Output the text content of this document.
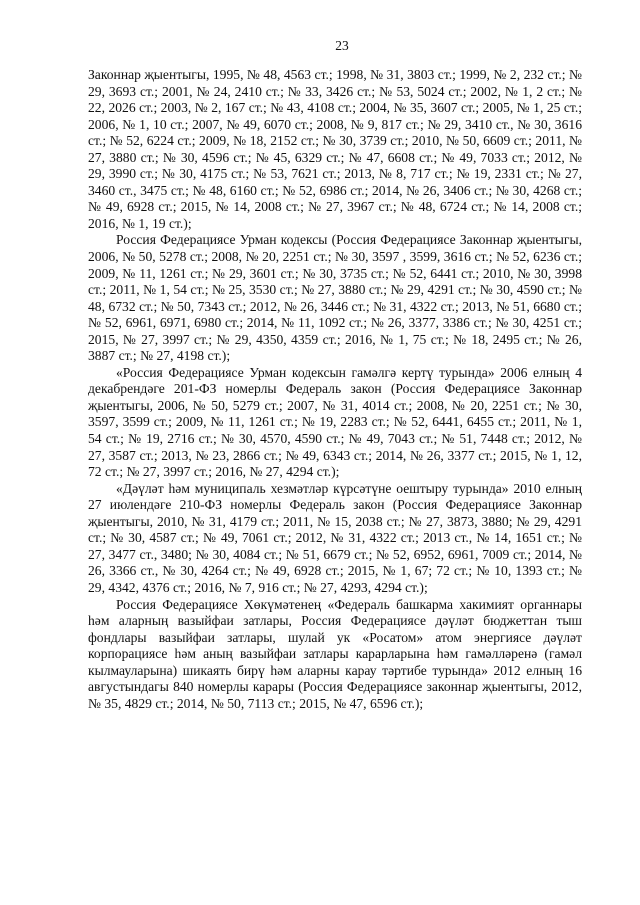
23

Законнар җыентыгы, 1995, № 48, 4563 ст.; 1998, № 31, 3803 ст.; 1999, № 2, 232 ст.; № 29, 3693 ст.; 2001, № 24, 2410 ст.; № 33, 3426 ст.; № 53, 5024 ст.; 2002, № 1, 2 ст.; № 22, 2026 ст.; 2003, № 2, 167 ст.; № 43, 4108 ст.; 2004, № 35, 3607 ст.; 2005, № 1, 25 ст.; 2006, № 1, 10 ст.; 2007, № 49, 6070 ст.; 2008, № 9, 817 ст.; № 29, 3410 ст., № 30, 3616 ст.; № 52, 6224 ст.; 2009, № 18, 2152 ст.; № 30, 3739 ст.; 2010, № 50, 6609 ст.; 2011, № 27, 3880 ст.; № 30, 4596 ст.; № 45, 6329 ст.; № 47, 6608 ст.; № 49, 7033 ст.; 2012, № 29, 3990 ст.; № 30, 4175 ст.; № 53, 7621 ст.; 2013, № 8, 717 ст.; № 19, 2331 ст.; № 27, 3460 ст., 3475 ст.; № 48, 6160 ст.; № 52, 6986 ст.; 2014, № 26, 3406 ст.; № 30, 4268 ст.; № 49, 6928 ст.; 2015, № 14, 2008 ст.; № 27, 3967 ст.; № 48, 6724 ст.; № 14, 2008 ст.; 2016, № 1, 19 ст.);

Россия Федерациясе Урман кодексы (Россия Федерациясе Законнар җыентыгы, 2006, № 50, 5278 ст.; 2008, № 20, 2251 ст.; № 30, 3597 , 3599, 3616 ст.; № 52, 6236 ст.; 2009, № 11, 1261 ст.; № 29, 3601 ст.; № 30, 3735 ст.; № 52, 6441 ст.; 2010, № 30, 3998 ст.; 2011, № 1, 54 ст.; № 25, 3530 ст.; № 27, 3880 ст.; № 29, 4291 ст.; № 30, 4590 ст.; № 48, 6732 ст.; № 50, 7343 ст.; 2012, № 26, 3446 ст.; № 31, 4322 ст.; 2013, № 51, 6680 ст.; № 52, 6961, 6971, 6980 ст.; 2014, № 11, 1092 ст.; № 26, 3377, 3386 ст.; № 30, 4251 ст.; 2015, № 27, 3997 ст.; № 29, 4350, 4359 ст.; 2016, № 1, 75 ст.; № 18, 2495 ст.; № 26, 3887 ст.; № 27, 4198 ст.);

«Россия Федерациясе Урман кодексын гамәлгә кертү турында» 2006 елның 4 декабрендәге 201-ФЗ номерлы Федераль закон (Россия Федерациясе Законнар җыентыгы, 2006, № 50, 5279 ст.; 2007, № 31, 4014 ст.; 2008, № 20, 2251 ст.; № 30, 3597, 3599 ст.; 2009, № 11, 1261 ст.; № 19, 2283 ст.; № 52, 6441, 6455 ст.; 2011, № 1, 54 ст.; № 19, 2716 ст.; № 30, 4570, 4590 ст.; № 49, 7043 ст.; № 51, 7448 ст.; 2012, № 27, 3587 ст.; 2013, № 23, 2866 ст.; № 49, 6343 ст.; 2014, № 26, 3377 ст.; 2015, № 1, 12, 72 ст.; № 27, 3997 ст.; 2016, № 27, 4294 ст.);

«Дәүләт һәм муниципаль хезмәтләр күрсәтүне оештыру турында» 2010 елның 27 июлендәге 210-ФЗ номерлы Федераль закон (Россия Федерациясе Законнар җыентыгы, 2010, № 31, 4179 ст.; 2011, № 15, 2038 ст.; № 27, 3873, 3880; № 29, 4291 ст.; № 30, 4587 ст.; № 49, 7061 ст.; 2012, № 31, 4322 ст.; 2013 ст., № 14, 1651 ст.; № 27, 3477 ст., 3480; № 30, 4084 ст.; № 51, 6679 ст.; № 52, 6952, 6961, 7009 ст.; 2014, № 26, 3366 ст., № 30, 4264 ст.; № 49, 6928 ст.; 2015, № 1, 67; 72 ст.; № 10, 1393 ст.; № 29, 4342, 4376 ст.; 2016, № 7, 916 ст.; № 27, 4293, 4294 ст.);

Россия Федерациясе Хөкүмәтенең «Федераль башкарма хакимият органнары һәм аларның вазыйфаи затлары, Россия Федерациясе дәүләт бюджеттан тыш фондлары вазыйфаи затлары, шулай ук «Росатом» атом энергиясе дәүләт корпорациясе һәм аның вазыйфаи затлары карарларына һәм гамәлләренә (гамәл кылмауларына) шикаять бирү һәм аларны карау тәртибе турында» 2012 елның 16 августындагы 840 номерлы карары (Россия Федерациясе законнар җыентыгы, 2012, № 35, 4829 ст.; 2014, № 50, 7113 ст.; 2015, № 47, 6596 ст.);
